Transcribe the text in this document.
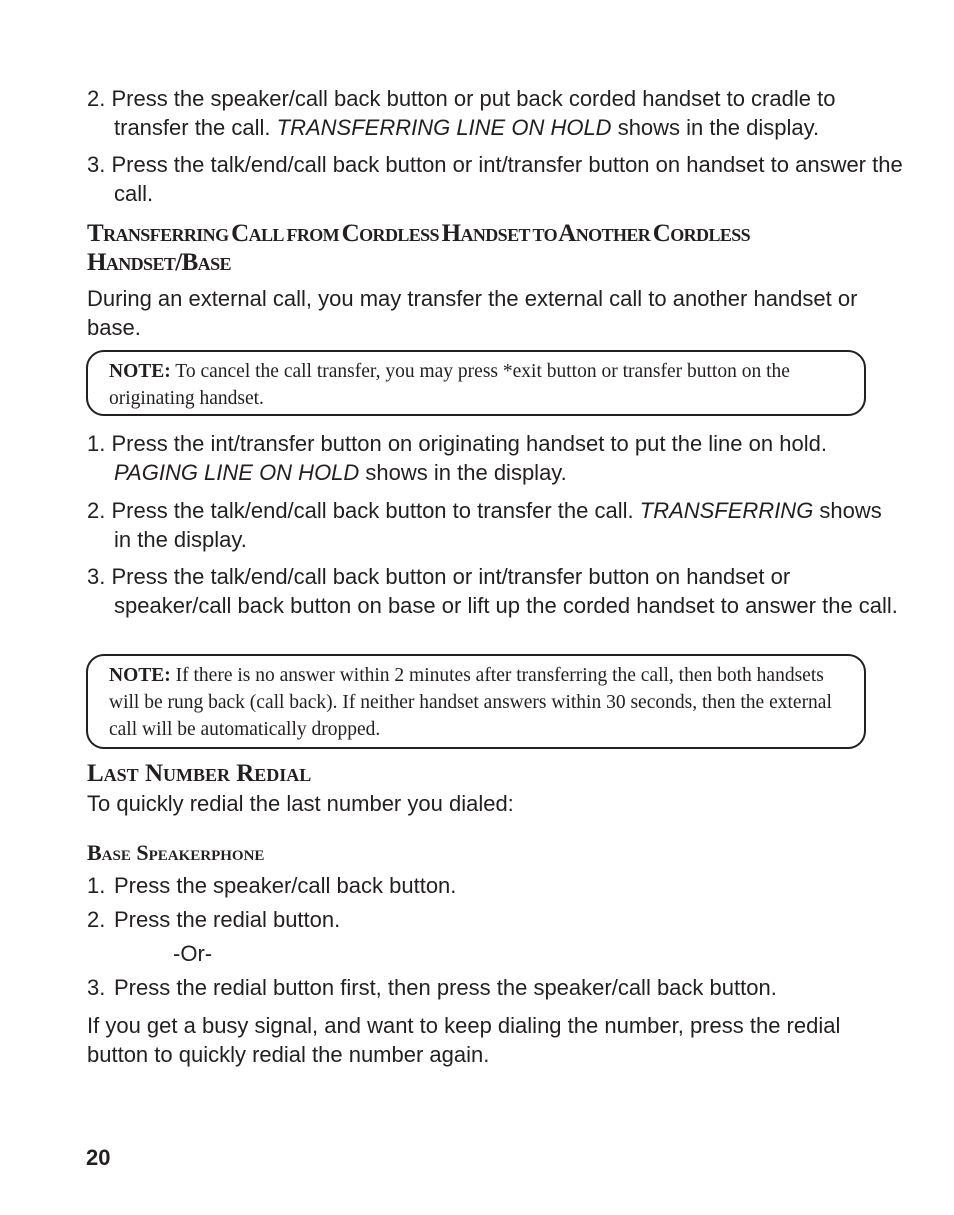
2. Press the speaker/call back button or put back corded handset to cradle to transfer the call. TRANSFERRING LINE ON HOLD shows in the display.
3. Press the talk/end/call back button or int/transfer button on handset to answer the call.
Transferring Call from Cordless Handset to Another Cordless Handset/Base
During an external call, you may transfer the external call to another handset or base.
NOTE: To cancel the call transfer, you may press *exit button or transfer button on the originating handset.
1. Press the int/transfer button on originating handset to put the line on hold. PAGING LINE ON HOLD shows in the display.
2. Press the talk/end/call back button to transfer the call. TRANSFERRING shows in the display.
3. Press the talk/end/call back button or int/transfer button on handset or speaker/call back button on base or lift up the corded handset to answer the call.
NOTE: If there is no answer within 2 minutes after transferring the call, then both handsets will be rung back (call back). If neither handset answers within 30 seconds, then the external call will be automatically dropped.
Last Number Redial
To quickly redial the last number you dialed:
Base Speakerphone
1. Press the speaker/call back button.
2. Press the redial button.
-Or-
3. Press the redial button first, then press the speaker/call back button.
If you get a busy signal, and want to keep dialing the number, press the redial button to quickly redial the number again.
20
